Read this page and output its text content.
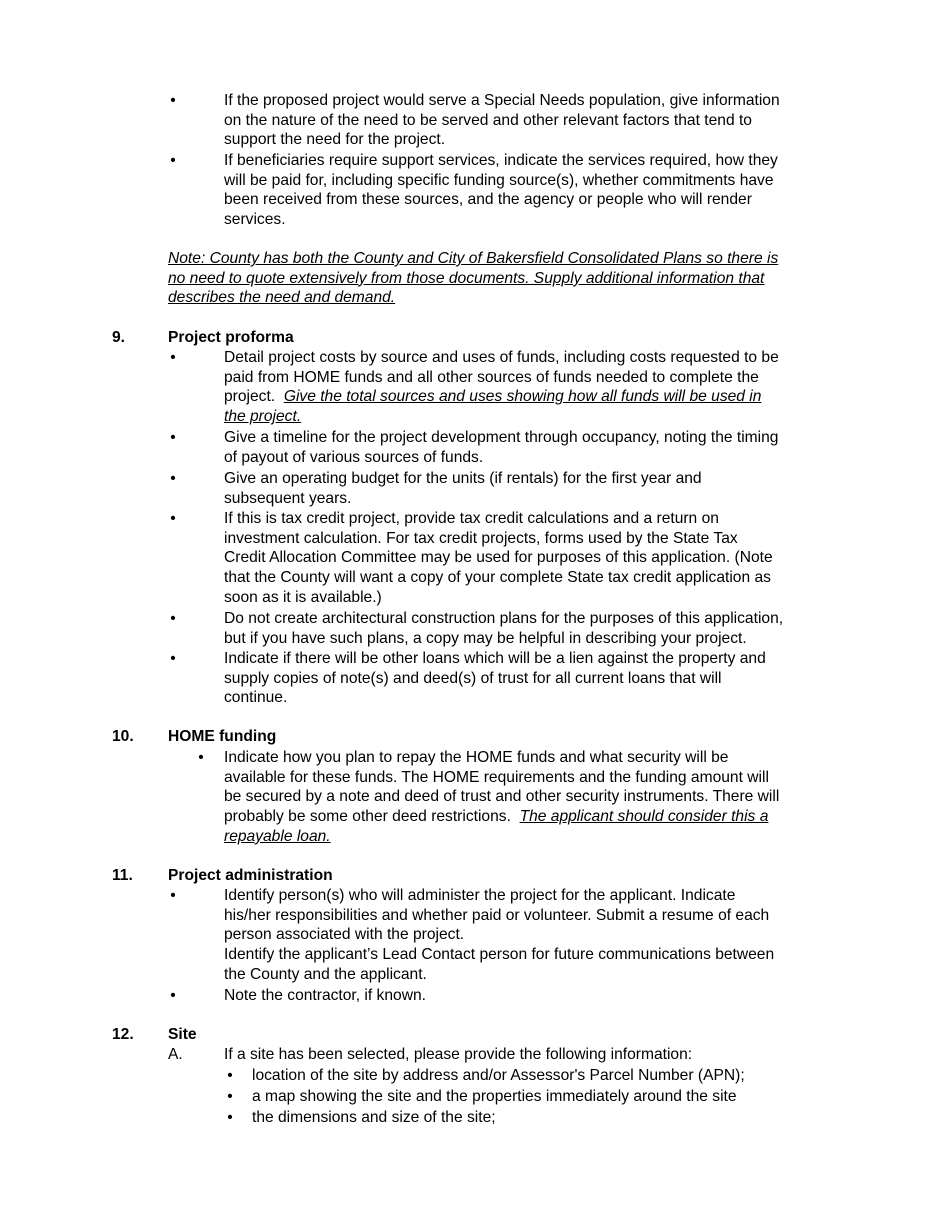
•	If the proposed project would serve a Special Needs population, give information
on the nature of the need to be served and other relevant factors that tend to
support the need for the project.
•	If beneficiaries require support services, indicate the services required, how they
will be paid for, including specific funding source(s), whether commitments have
been received from these sources, and the agency or people who will render
services.
Note: County has both the County and City of Bakersfield Consolidated Plans so there is
no need to quote extensively from those documents. Supply additional information that
describes the need and demand.
9.	Project proforma
•	Detail project costs by source and uses of funds, including costs requested to be
paid from HOME funds and all other sources of funds needed to complete the
project.  Give the total sources and uses showing how all funds will be used in
the project.
•	Give a timeline for the project development through occupancy, noting the timing
of payout of various sources of funds.
•	Give an operating budget for the units (if rentals) for the first year and
subsequent years.
•	If this is tax credit project, provide tax credit calculations and a return on
investment calculation. For tax credit projects, forms used by the State Tax
Credit Allocation Committee may be used for purposes of this application. (Note
that the County will want a copy of your complete State tax credit application as
soon as it is available.)
•	Do not create architectural construction plans for the purposes of this application,
but if you have such plans, a copy may be helpful in describing your project.
•	Indicate if there will be other loans which will be a lien against the property and
supply copies of note(s) and deed(s) of trust for all current loans that will
continue.
10. HOME funding
• Indicate how you plan to repay the HOME funds and what security will be
available for these funds. The HOME requirements and the funding amount will
be secured by a note and deed of trust and other security instruments. There will
probably be some other deed restrictions.  The applicant should consider this a
repayable loan.
11. Project administration
•	Identify person(s) who will administer the project for the applicant. Indicate
his/her responsibilities and whether paid or volunteer. Submit a resume of each
person associated with the project.
Identify the applicant’s Lead Contact person for future communications between
the County and the applicant.
•	Note the contractor, if known.
12. Site
A.	If a site has been selected, please provide the following information:
• location of the site by address and/or Assessor's Parcel Number (APN);
• a map showing the site and the properties immediately around the site
• the dimensions and size of the site;
